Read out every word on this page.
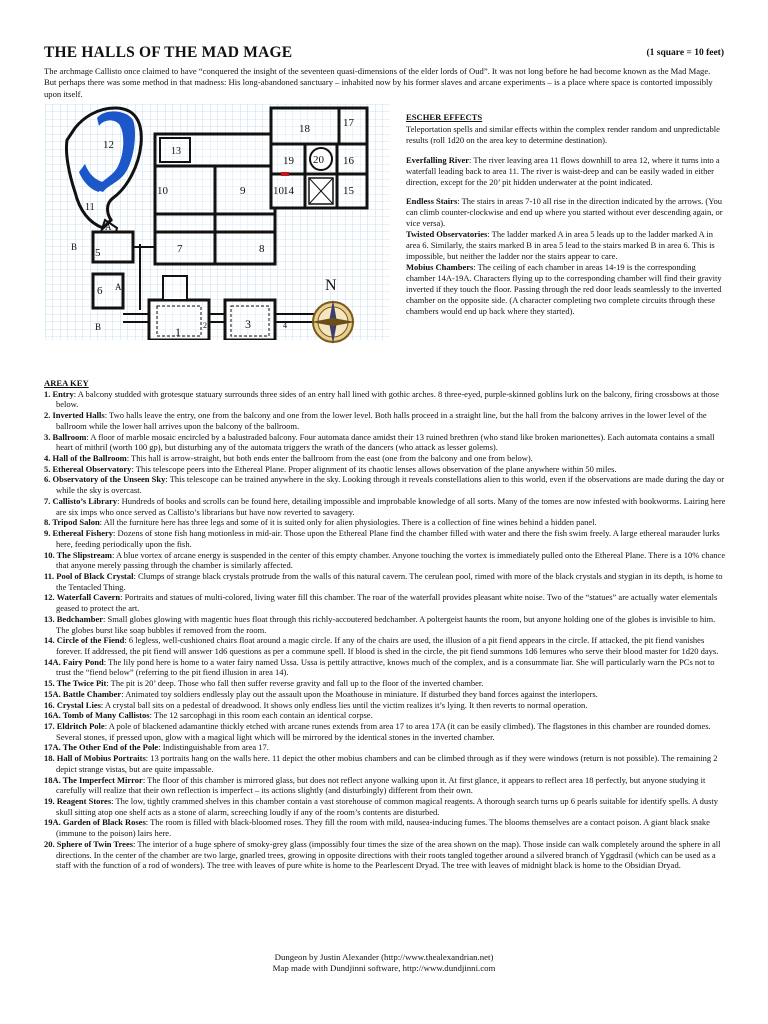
THE HALLS OF THE MAD MAGE	(1 square = 10 feet)
The archmage Callisto once claimed to have “conquered the insight of the seventeen quasi-dimensions of the elder lords of Oud”. It was not long before he had become known as the Mad Mage. But perhaps there was some method in that madness: His long-abandoned sanctuary – inhabited now by his former slaves and arcane experiments – is a place where space is contorted impossibly upon itself.
12
13
18	17
19 20 16
10	9	10 14	15
11
A
B 5	7	8
6 A
B	1	2	3	4
N
ESCHER EFFECTS

Teleportation spells and similar effects within the complex render random and unpredictable results (roll 1d20 on the area key to determine destination).

Everfalling River: The river leaving area 11 flows downhill to area 12, where it turns into a waterfall leading back to area 11. The river is waist-deep and can be easily waded in either direction, except for the 20’ pit hidden underwater at the point indicated.

Endless Stairs: The stairs in areas 7-10 all rise in the direction indicated by the arrows. (You can climb counter-clockwise and end up where you started without ever descending again, or vice versa).

Twisted Observatories: The ladder marked A in area 5 leads up to the ladder marked A in area 6. Similarly, the stairs marked B in area 5 lead to the stairs marked B in area 6. This is impossible, but neither the ladder nor the stairs appear to care.

Mobius Chambers: The ceiling of each chamber in areas 14-19 is the corresponding chamber 14A-19A. Characters flying up to the corresponding chamber will find their gravity inverted if they touch the floor. Passing through the red door leads seamlessly to the inverted chamber on the opposite side. (A character completing two complete circuits through these chambers would end up back where they started).

AREA KEY

1. Entry: A balcony studded with grotesque statuary surrounds three sides of an entry hall lined with gothic arches. 8 three-eyed, purple-skinned goblins lurk on the balcony, firing crossbows at those below.

2. Inverted Halls: Two halls leave the entry, one from the balcony and one from the lower level. Both halls proceed in a straight line, but the hall from the balcony arrives in the lower level of the ballroom while the lower hall arrives upon the balcony of the ballroom.

3. Ballroom: A floor of marble mosaic encircled by a balustraded balcony. Four automata dance amidst their 13 ruined brethren (who stand like broken marionettes). Each automata contains a small heart of mithril (worth 100 gp), but disturbing any of the automata triggers the wrath of the dancers (who attack as lesser golems).

4. Hall of the Ballroom: This hall is arrow-straight, but both ends enter the ballroom from the east (one from the balcony and one from below).

5. Ethereal Observatory: This telescope peers into the Ethereal Plane. Proper alignment of its chaotic lenses allows observation of the plane anywhere within 50 miles.

6. Observatory of the Unseen Sky: This telescope can be trained anywhere in the sky. Looking through it reveals constellations alien to this world, even if the observations are made during the day or while the sky is overcast.

7. Callisto’s Library: Hundreds of books and scrolls can be found here, detailing impossible and improbable knowledge of all sorts. Many of the tomes are now infested with bookworms. Lairing here are six imps who once served as Callisto’s librarians but have now reverted to savagery.

8. Tripod Salon: All the furniture here has three legs and some of it is suited only for alien physiologies. There is a collection of fine wines behind a hidden panel.

9. Ethereal Fishery: Dozens of stone fish hang motionless in mid-air. Those upon the Ethereal Plane find the chamber filled with water and there the fish swim freely. A large ethereal marauder lurks here, feeding periodically upon the fish.

10. The Slipstream: A blue vortex of arcane energy is suspended in the center of this empty chamber. Anyone touching the vortex is immediately pulled onto the Ethereal Plane. There is a 10% chance that anyone merely passing through the chamber is similarly affected.

11. Pool of Black Crystal: Clumps of strange black crystals protrude from the walls of this natural cavern. The cerulean pool, rimed with more of the black crystals and stygian in its depth, is home to the Tentacled Thing.

12. Waterfall Cavern: Portraits and statues of multi-colored, living water fill this chamber. The roar of the waterfall provides pleasant white noise. Two of the “statues” are actually water elementals geased to protect the art.

13. Bedchamber: Small globes glowing with magentic hues float through this richly-accoutered bedchamber. A poltergeist haunts the room, but anyone holding one of the globes is invisible to him. The globes burst like soap bubbles if removed from the room.

14. Circle of the Fiend: 6 legless, well-cushioned chairs float around a magic circle. If any of the chairs are used, the illusion of a pit fiend appears in the circle. If attacked, the pit fiend vanishes forever. If addressed, the pit fiend will answer 1d6 questions as per a commune spell. If blood is shed in the circle, the pit fiend summons 1d6 lemures who serve their blood master for 1d20 days.

14A. Fairy Pond: The lily pond here is home to a water fairy named Ussa. Ussa is pettily attractive, knows much of the complex, and is a consummate liar. She will particularly warn the PCs not to trust the “fiend below” (referring to the pit fiend illusion in area 14).

15. The Twice Pit: The pit is 20’ deep. Those who fall then suffer reverse gravity and fall up to the floor of the inverted chamber.

15A. Battle Chamber: Animated toy soldiers endlessly play out the assault upon the Moathouse in miniature. If disturbed they band forces against the interlopers.

16. Crystal Lies: A crystal ball sits on a pedestal of dreadwood. It shows only endless lies until the victim realizes it’s lying. It then reverts to normal operation.

16A. Tomb of Many Callistos: The 12 sarcophagi in this room each contain an identical corpse.

17. Eldritch Pole: A pole of blackened adamantine thickly etched with arcane runes extends from area 17 to area 17A (it can be easily climbed). The flagstones in this chamber are rounded domes. Several stones, if pressed upon, glow with a magical light which will be mirrored by the identical stones in the inverted chamber.

17A. The Other End of the Pole: Indistinguishable from area 17.

18. Hall of Mobius Portraits: 13 portraits hang on the walls here. 11 depict the other mobius chambers and can be climbed through as if they were windows (return is not possible). The remaining 2 depict strange vistas, but are quite impassable.

18A. The Imperfect Mirror: The floor of this chamber is mirrored glass, but does not reflect anyone walking upon it. At first glance, it appears to reflect area 18 perfectly, but anyone studying it carefully will realize that their own reflection is imperfect – its actions slightly (and disturbingly) different from their own.

19. Reagent Stores: The low, tightly crammed shelves in this chamber contain a vast storehouse of common magical reagents. A thorough search turns up 6 pearls suitable for identify spells. A dusty skull sitting atop one shelf acts as a stone of alarm, screeching loudly if any of the room’s contents are disturbed.

19A. Garden of Black Roses: The room is filled with black-bloomed roses. They fill the room with mild, nausea-inducing fumes. The blooms themselves are a contact poison. A giant black snake (immune to the poison) lairs here.

20. Sphere of Twin Trees: The interior of a huge sphere of smoky-grey glass (impossibly four times the size of the area shown on the map). Those inside can walk completely around the sphere in all directions. In the center of the chamber are two large, gnarled trees, growing in opposite directions with their roots tangled together around a silvered branch of Yggdrasil (which can be used as a staff with the function of a rod of wonders). The tree with leaves of pure white is home to the Pearlescent Dryad. The tree with leaves of midnight black is home to the Obsidian Dryad.

Dungeon by Justin Alexander (http://www.thealexandrian.net)
Map made with Dundjinni software, http://www.dundjinni.com
